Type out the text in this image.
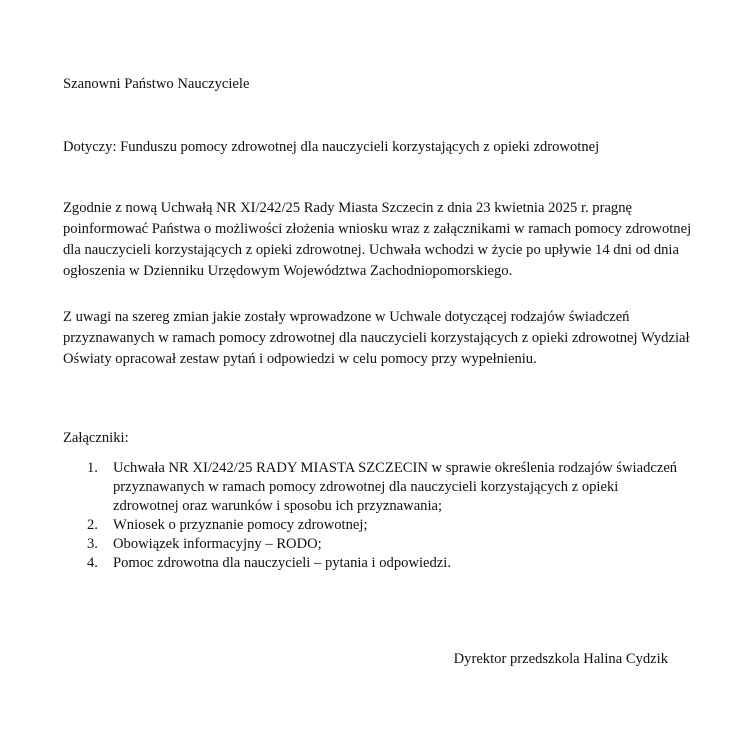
Szanowni Państwo Nauczyciele
Dotyczy: Funduszu pomocy zdrowotnej dla nauczycieli korzystających z opieki zdrowotnej

Zgodnie z nową Uchwałą NR XI/242/25 Rady Miasta Szczecin z dnia 23 kwietnia 2025 r. pragnę poinformować Państwa o możliwości złożenia wniosku wraz z załącznikami w ramach pomocy zdrowotnej dla nauczycieli korzystających z opieki zdrowotnej. Uchwała wchodzi w życie po upływie 14 dni od dnia ogłoszenia w Dzienniku Urzędowym Województwa Zachodniopomorskiego.

Z uwagi na szereg zmian jakie zostały wprowadzone w Uchwale dotyczącej rodzajów świadczeń przyznawanych w ramach pomocy zdrowotnej dla nauczycieli korzystających z opieki zdrowotnej Wydział Oświaty opracował zestaw pytań i odpowiedzi w celu pomocy przy wypełnieniu.

Załączniki:
1. Uchwała NR XI/242/25 RADY MIASTA SZCZECIN w sprawie określenia rodzajów świadczeń przyznawanych w ramach pomocy zdrowotnej dla nauczycieli korzystających z opieki zdrowotnej oraz warunków i sposobu ich przyznawania;
2. Wniosek o przyznanie pomocy zdrowotnej;
3. Obowiązek informacyjny – RODO;
4. Pomoc zdrowotna dla nauczycieli – pytania i odpowiedzi.
Dyrektor przedszkola Halina Cydzik
